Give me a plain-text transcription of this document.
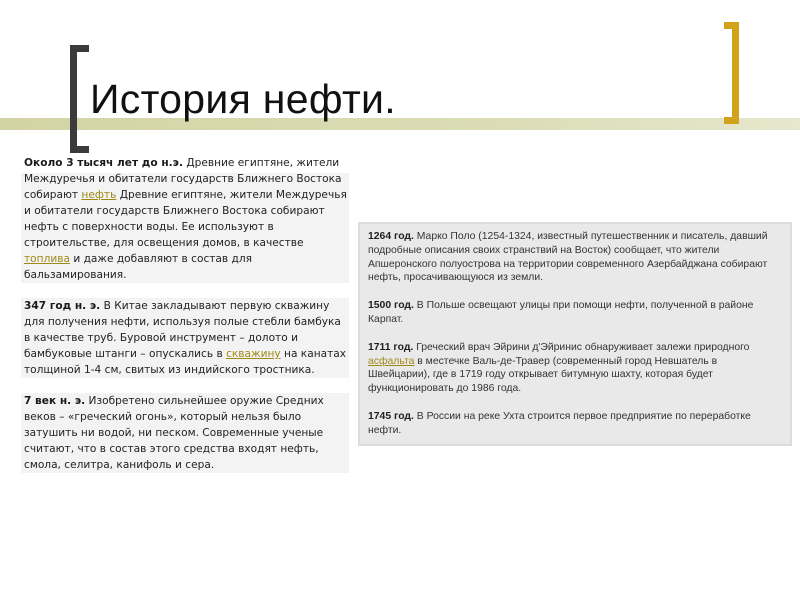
История нефти.

Около 3 тысяч лет до н.э. Древние египтяне, жители Междуречья и обитатели государств Ближнего Востока собирают нефть Древние египтяне, жители Междуречья и обитатели государств Ближнего Востока собирают нефть с поверхности воды. Ее используют в строительстве, для освещения домов, в качестве топлива и даже добавляют в состав для бальзамирования.

347 год н. э. В Китае закладывают первую скважину для получения нефти, используя полые стебли бамбука в качестве труб. Буровой инструмент – долото и бамбуковые штанги – опускались в скважину на канатах толщиной 1-4 см, свитых из индийского тростника.

7 век н. э. Изобретено сильнейшее оружие Средних веков – «греческий огонь», который нельзя было затушить ни водой, ни песком. Современные ученые считают, что в состав этого средства входят нефть, смола, селитра, канифоль и сера.

1264 год. Марко Поло (1254-1324, известный путешественник и писатель, давший подробные описания своих странствий на Восток) сообщает, что жители Апшеронского полуострова на территории современного Азербайджана собирают нефть, просачивающуюся из земли.

1500 год. В Польше освещают улицы при помощи нефти, полученной в районе Карпат.

1711 год. Греческий врач Эйрини д'Эйринис обнаруживает залежи природного асфальта в местечке Валь-де-Травер (современный город Невшатель в Швейцарии), где в 1719 году открывает битумную шахту, которая будет функционировать до 1986 года.

1745 год. В России на реке Ухта строится первое предприятие по переработке нефти.
